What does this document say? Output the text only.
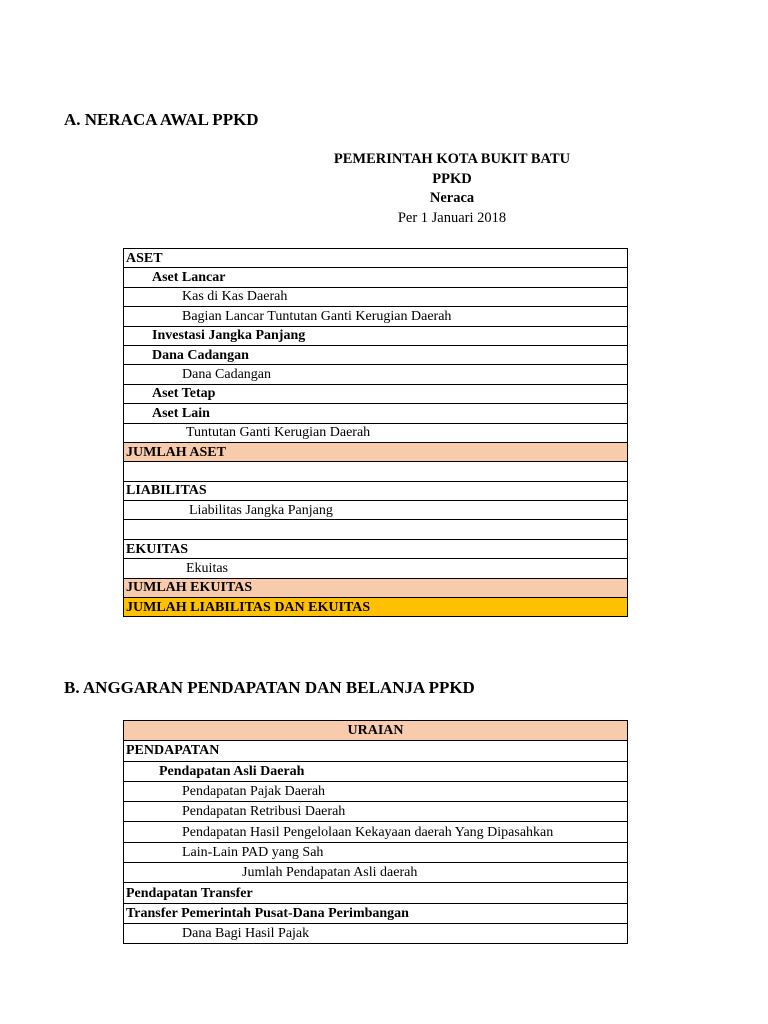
A. NERACA AWAL PPKD
PEMERINTAH KOTA BUKIT BATU
PPKD
Neraca
Per 1 Januari 2018
ASET
Aset Lancar
Kas di Kas Daerah
Bagian Lancar Tuntutan Ganti Kerugian Daerah
Investasi Jangka Panjang
Dana Cadangan
Dana Cadangan
Aset Tetap
Aset Lain
Tuntutan Ganti Kerugian Daerah
JUMLAH ASET

LIABILITAS
Liabilitas Jangka Panjang

EKUITAS
Ekuitas
JUMLAH EKUITAS
JUMLAH LIABILITAS DAN EKUITAS
B. ANGGARAN PENDAPATAN DAN BELANJA PPKD
URAIAN
PENDAPATAN
Pendapatan Asli Daerah
Pendapatan Pajak Daerah
Pendapatan Retribusi Daerah
Pendapatan Hasil Pengelolaan Kekayaan daerah Yang Dipasahkan
Lain-Lain PAD yang Sah
Jumlah Pendapatan Asli daerah
Pendapatan Transfer
Transfer Pemerintah Pusat-Dana Perimbangan
Dana Bagi Hasil Pajak
